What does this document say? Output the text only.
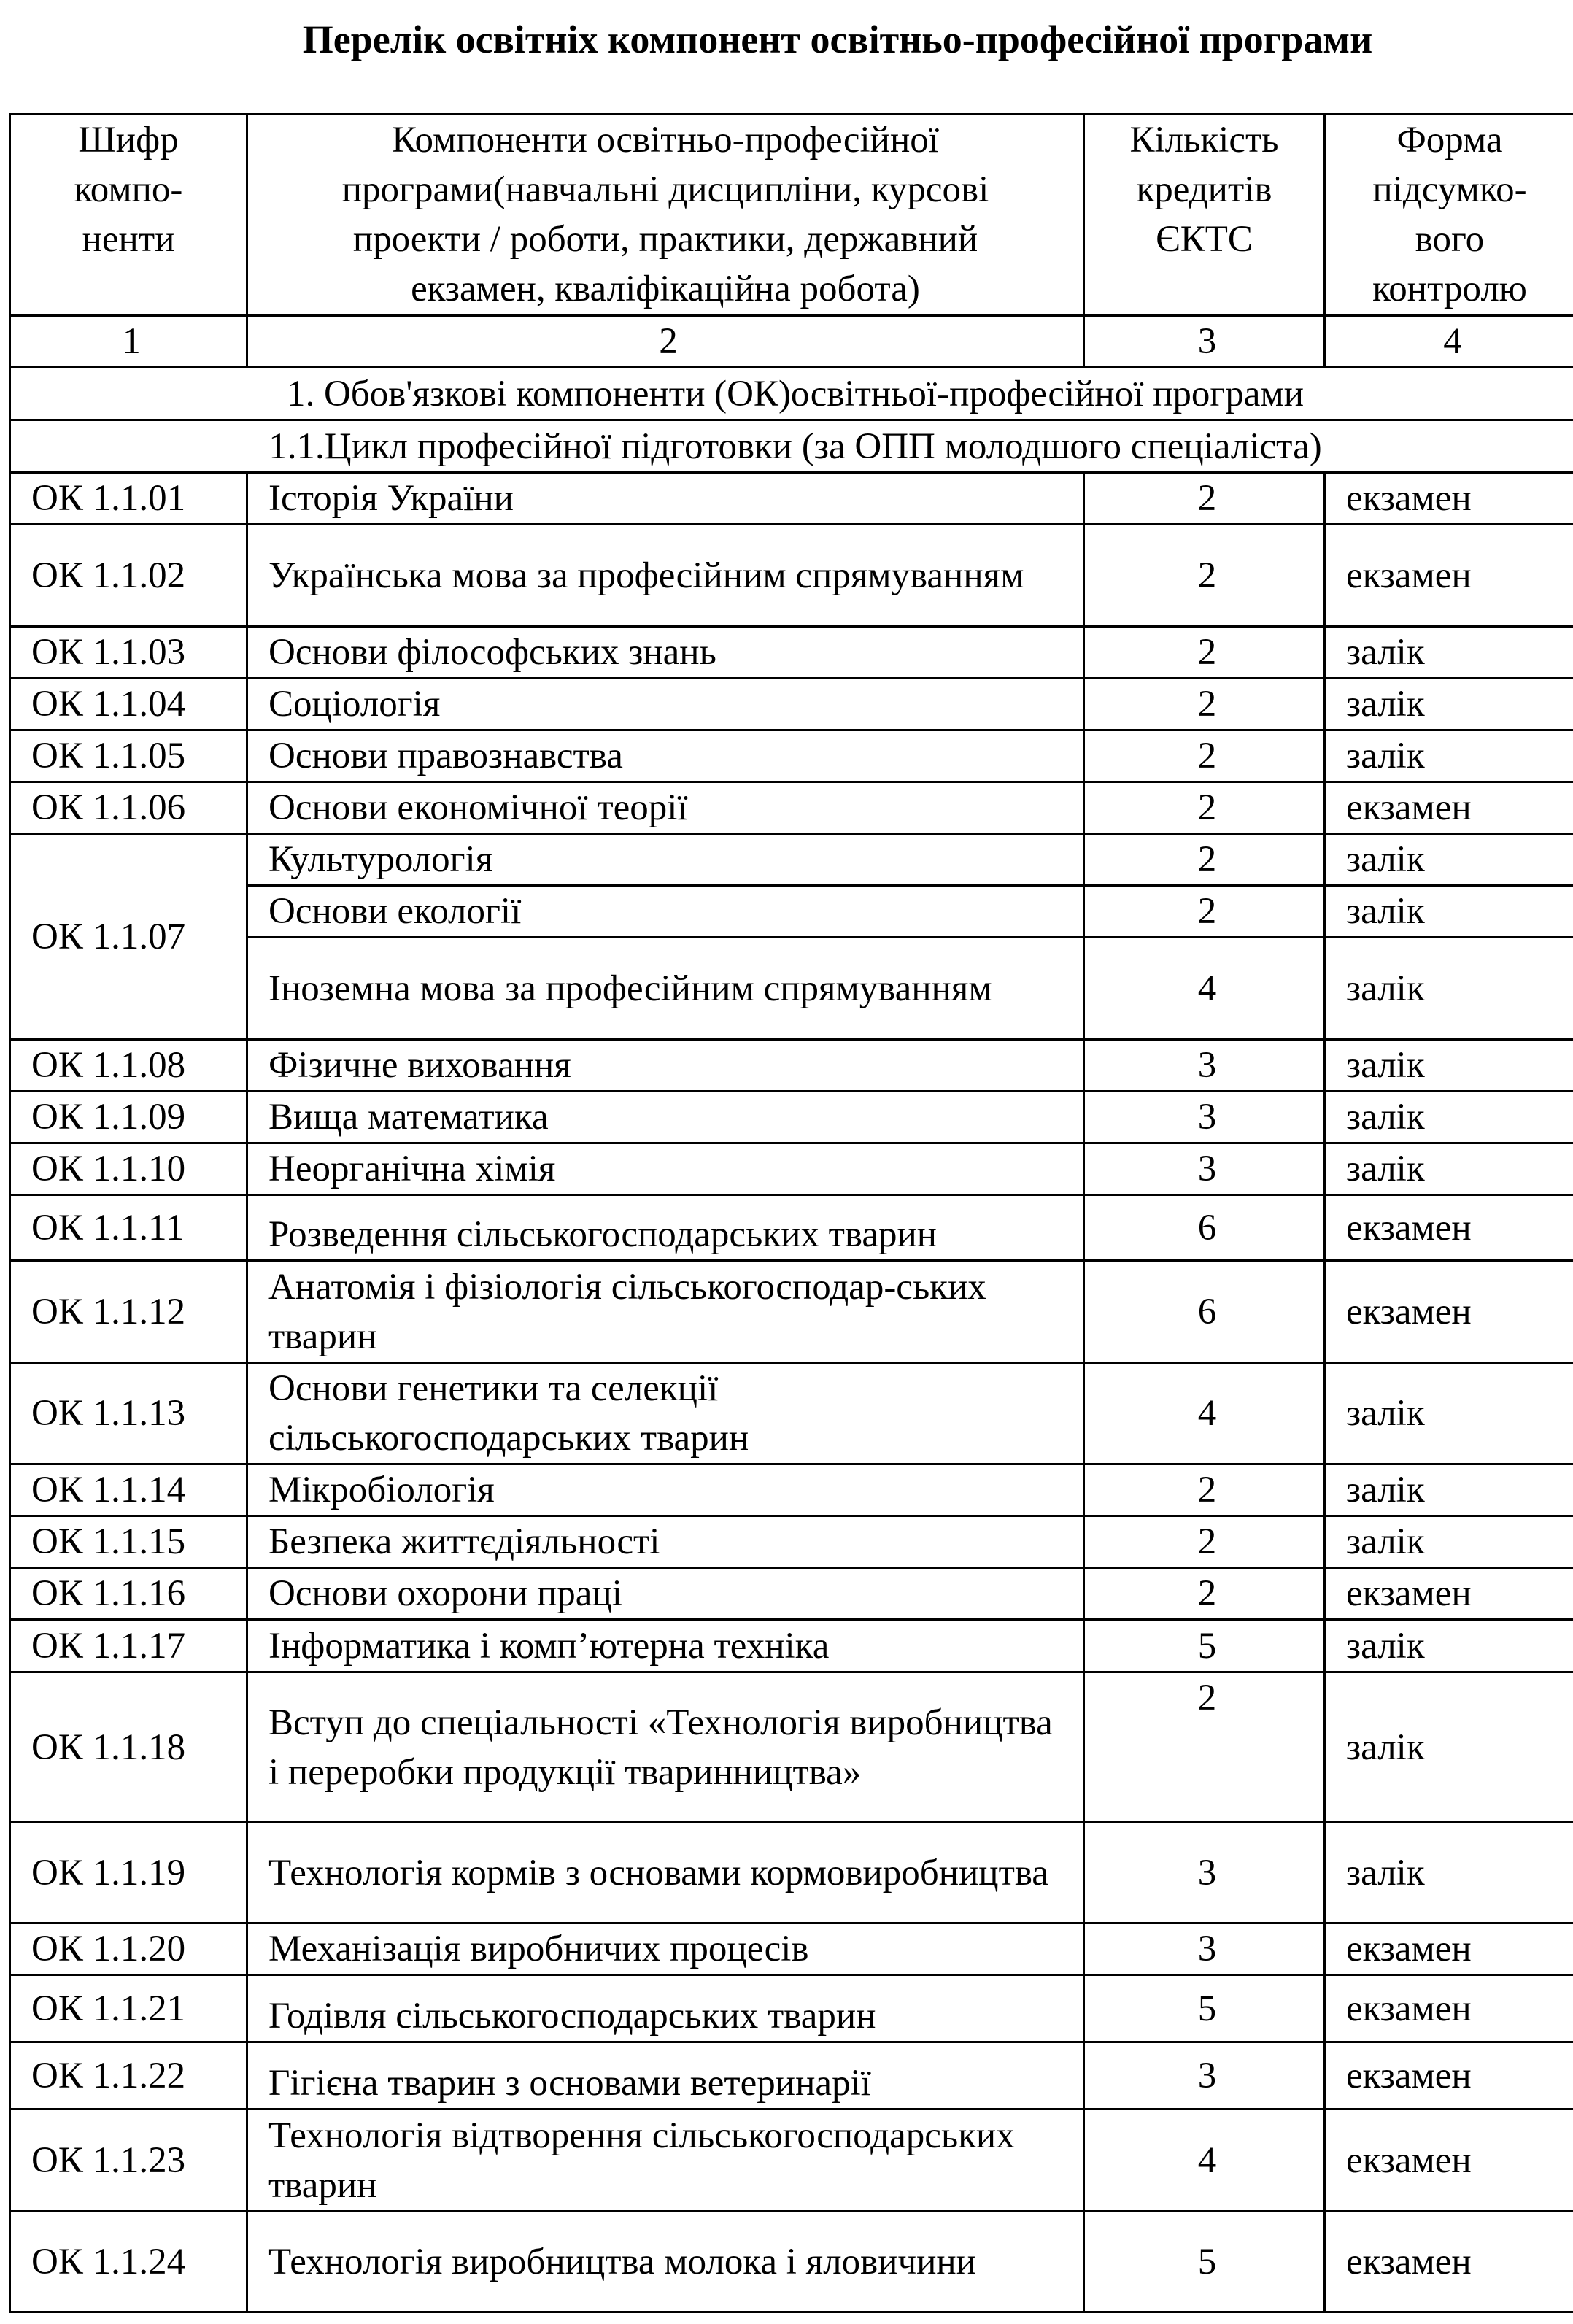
Перелік освітніх компонент освітньо-професійної програми
Шифр компо-ненти	Компоненти освітньо-професійної програми(навчальні дисципліни, курсові проекти / роботи, практики, державний екзамен, кваліфікаційна робота)	Кількість кредитів ЄКТС	Форма підсумко-вого контролю
1	2	3	4
1. Обов'язкові компоненти (ОК)освітньої-професійної програми			
1.1.Цикл професійної підготовки (за ОПП молодшого спеціаліста)			
ОК 1.1.01	Історія України	2	екзамен
ОК 1.1.02	Українська мова за професійним спрямуванням	2	екзамен
ОК 1.1.03	Основи філософських знань	2	залік
ОК 1.1.04	Соціологія	2	залік
ОК 1.1.05	Основи правознавства	2	залік
ОК 1.1.06	Основи економічної теорії	2	екзамен
ОК 1.1.07	Культурологія	2	залік
	Основи екології	2	залік
	Іноземна мова за професійним спрямуванням	4	залік
ОК 1.1.08	Фізичне виховання	3	залік
ОК 1.1.09	Вища математика	3	залік
ОК 1.1.10	Неорганічна хімія	3	залік
ОК 1.1.11	Розведення сільськогосподарських тварин	6	екзамен
ОК 1.1.12	Анатомія і фізіологія сільськогосподар-ських тварин	6	екзамен
ОК 1.1.13	Основи генетики та селекції сільськогосподарських тварин	4	залік
ОК 1.1.14	Мікробіологія	2	залік
ОК 1.1.15	Безпека життєдіяльності	2	залік
ОК 1.1.16	Основи охорони праці	2	екзамен
ОК 1.1.17	Інформатика і комп’ютерна техніка	5	залік
ОК 1.1.18	Вступ до спеціальності «Технологія виробництва і переробки продукції тваринництва»	2	залік
ОК 1.1.19	Технологія кормів з основами кормовиробництва	3	залік
ОК 1.1.20	Механізація виробничих процесів	3	екзамен
ОК 1.1.21	Годівля сільськогосподарських тварин	5	екзамен
ОК 1.1.22	Гігієна тварин з основами ветеринарії	3	екзамен
ОК 1.1.23	Технологія відтворення сільськогосподарських тварин	4	екзамен
ОК 1.1.24	Технологія виробництва молока і яловичини	5	екзамен
